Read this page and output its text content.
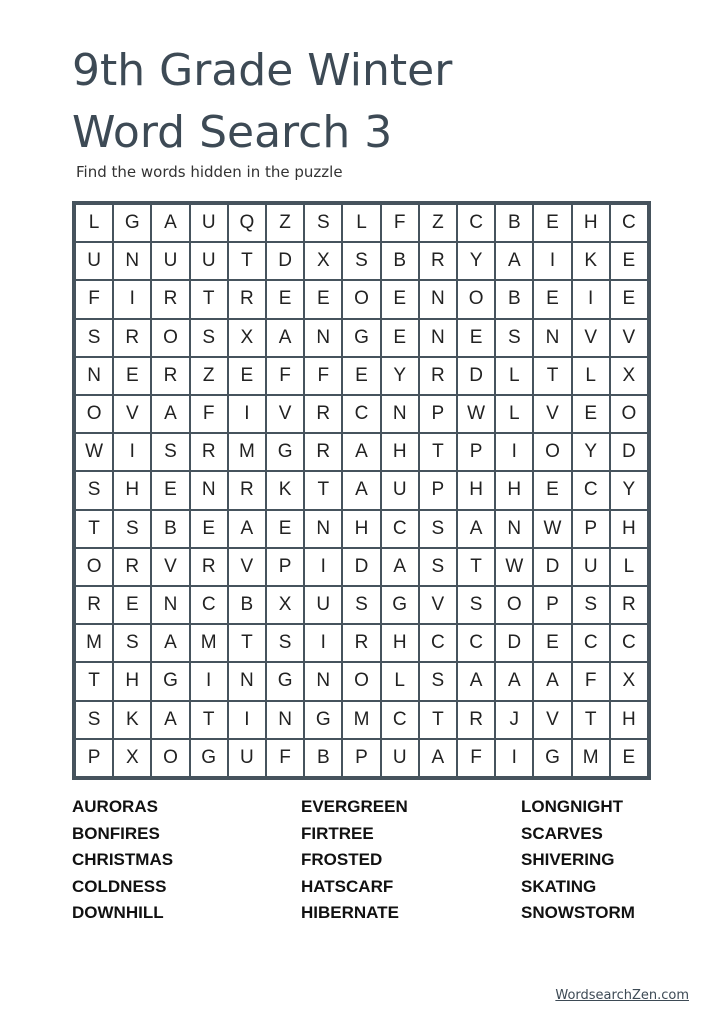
9th Grade Winter
Word Search 3
Find the words hidden in the puzzle
L	G	A	U	Q	Z	S	L	F	Z	C	B	E	H	C
U	N	U	U	T	D	X	S	B	R	Y	A	I	K	E
F	I	R	T	R	E	E	O	E	N	O	B	E	I	E
S	R	O	S	X	A	N	G	E	N	E	S	N	V	V
N	E	R	Z	E	F	F	E	Y	R	D	L	T	L	X
O	V	A	F	I	V	R	C	N	P	W	L	V	E	O
W	I	S	R	M	G	R	A	H	T	P	I	O	Y	D
S	H	E	N	R	K	T	A	U	P	H	H	E	C	Y
T	S	B	E	A	E	N	H	C	S	A	N	W	P	H
O	R	V	R	V	P	I	D	A	S	T	W	D	U	L
R	E	N	C	B	X	U	S	G	V	S	O	P	S	R
M	S	A	M	T	S	I	R	H	C	C	D	E	C	C
T	H	G	I	N	G	N	O	L	S	A	A	A	F	X
S	K	A	T	I	N	G	M	C	T	R	J	V	T	H
P	X	O	G	U	F	B	P	U	A	F	I	G	M	E
AURORAS
BONFIRES
CHRISTMAS
COLDNESS
DOWNHILL
EVERGREEN
FIRTREE
FROSTED
HATSCARF
HIBERNATE
LONGNIGHT
SCARVES
SHIVERING
SKATING
SNOWSTORM
WordsearchZen.com
